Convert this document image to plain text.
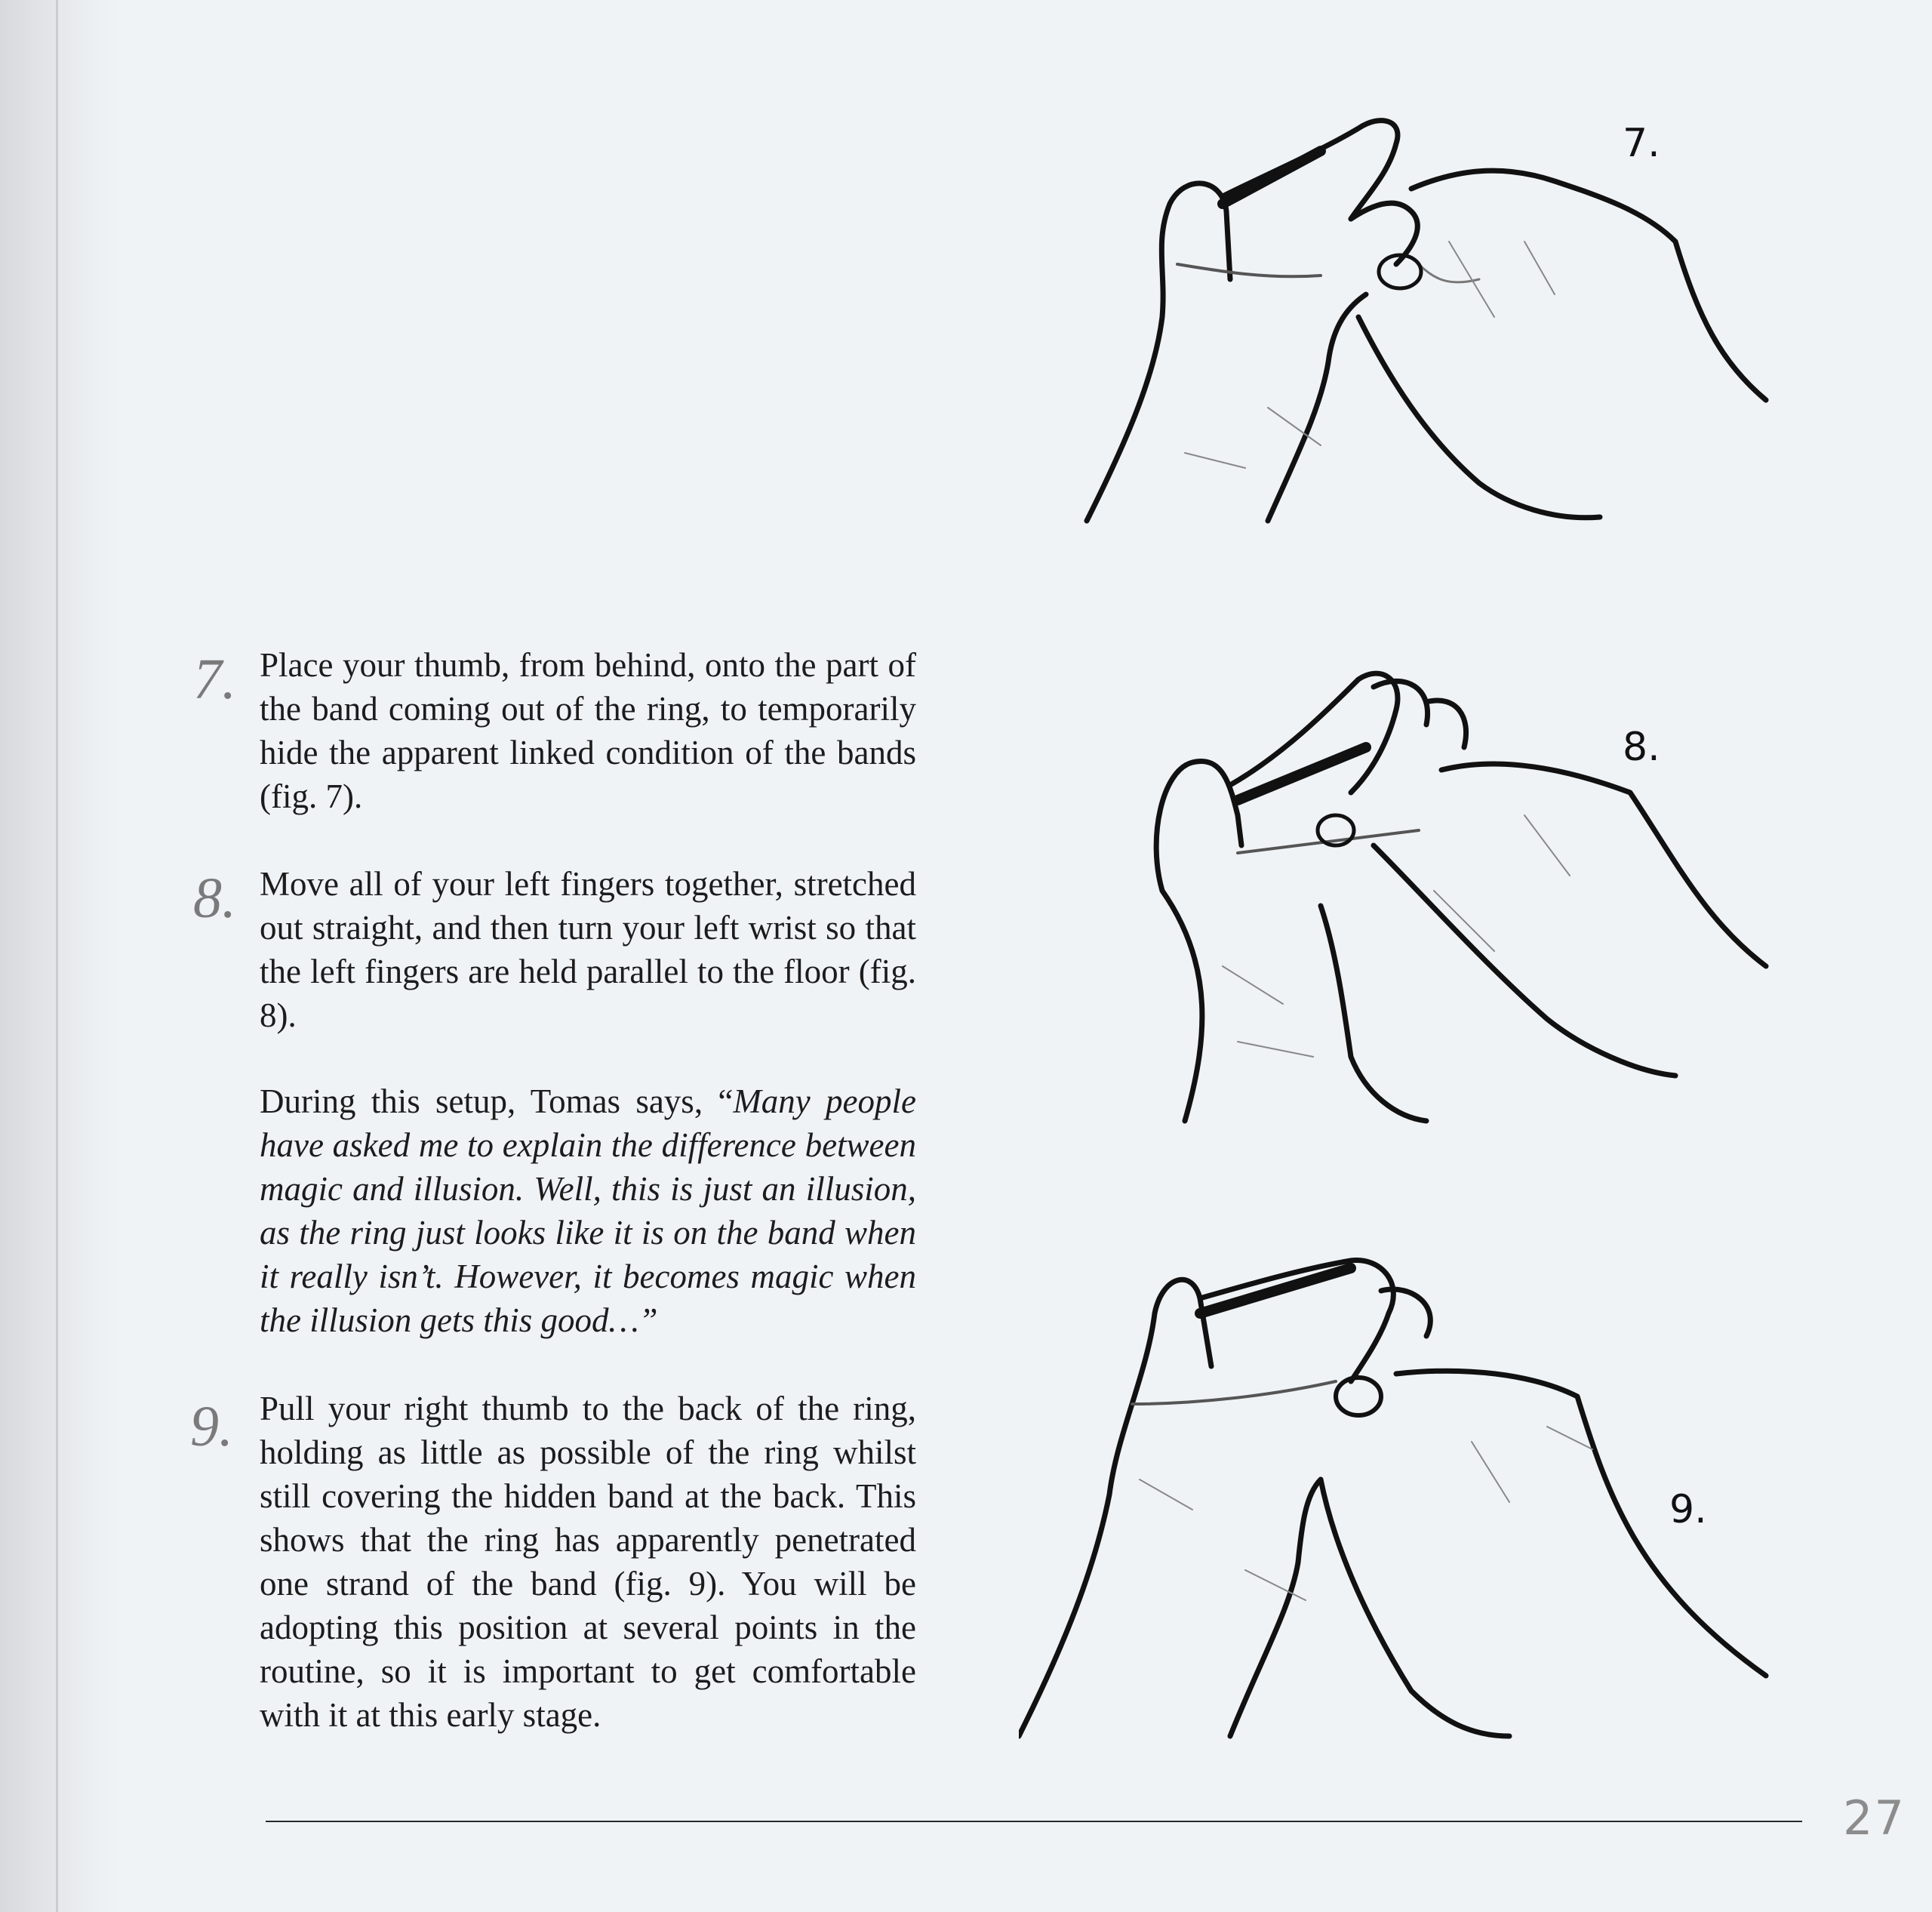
7. Place your thumb, from behind, onto the part of the band coming out of the ring, to temporarily hide the apparent linked condition of the bands (fig. 7).
8. Move all of your left fingers together, stretched out straight, and then turn your left wrist so that the left fingers are held parallel to the floor (fig. 8).
During this setup, Tomas says, “Many people have asked me to explain the difference between magic and illusion. Well, this is just an illusion, as the ring just looks like it is on the band when it really isn’t. However, it becomes magic when the illusion gets this good…”
9. Pull your right thumb to the back of the ring, holding as little as possible of the ring whilst still covering the hidden band at the back. This shows that the ring has apparently penetrated one strand of the band (fig. 9). You will be adopting this position at several points in the routine, so it is important to get comfortable with it at this early stage.
7.
8.
9.
27
